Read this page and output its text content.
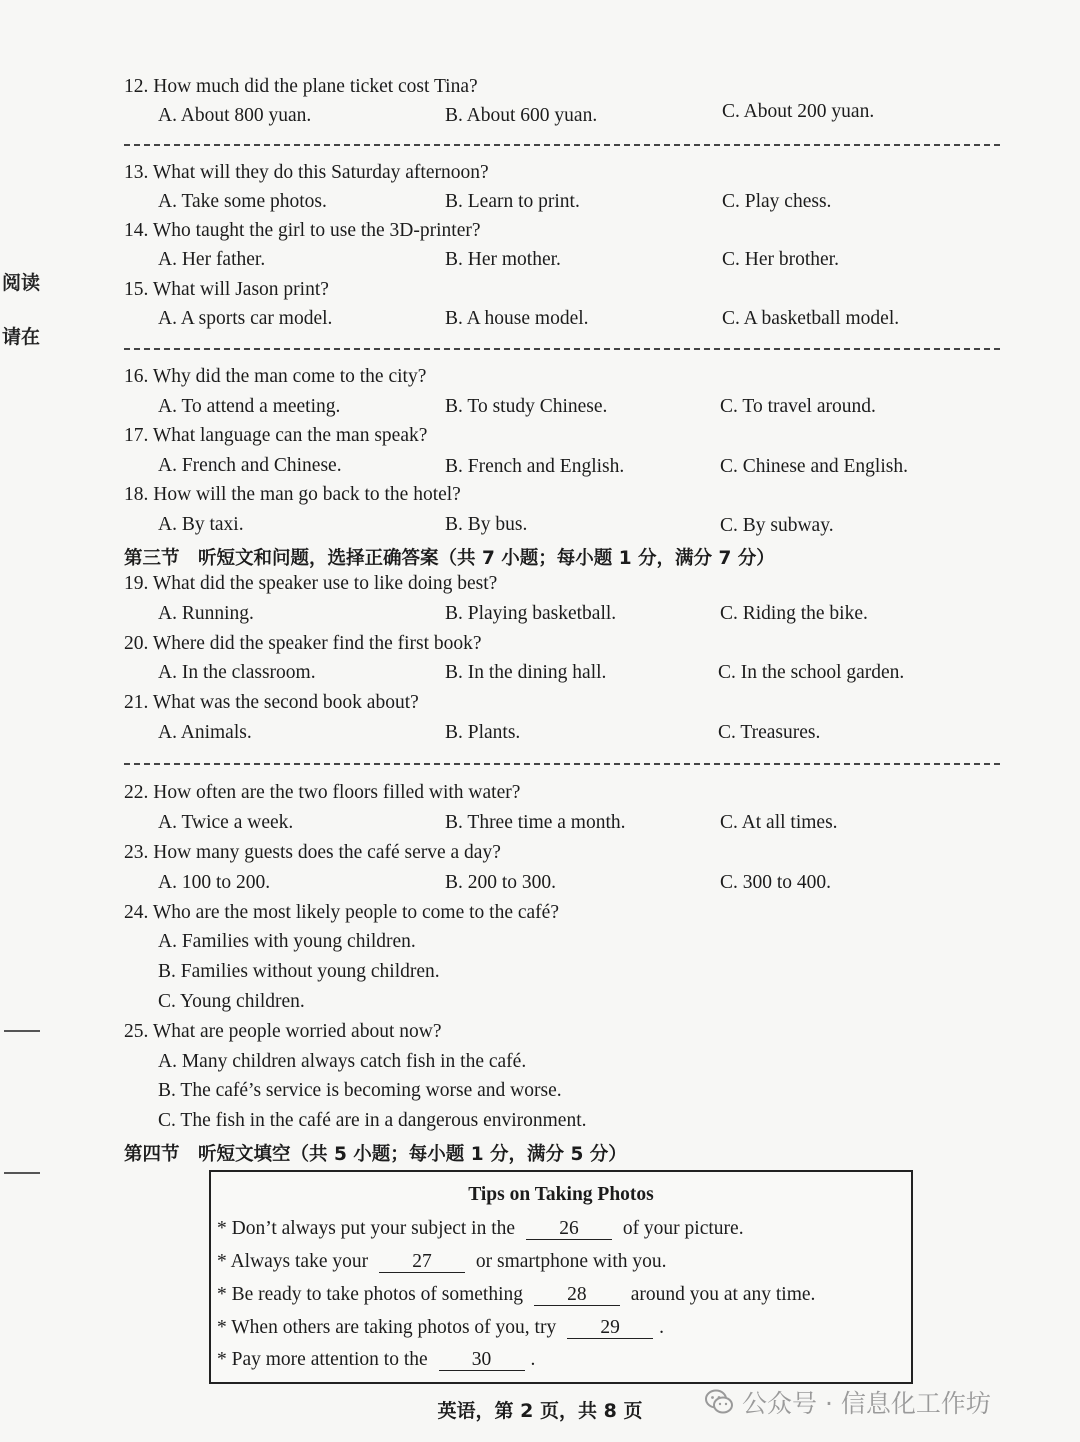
阅读
请在
12. How much did the plane ticket cost Tina?
A. About 800 yuan.	B. About 600 yuan.	C. About 200 yuan.
13. What will they do this Saturday afternoon?
A. Take some photos.	B. Learn to print.	C. Play chess.
14. Who taught the girl to use the 3D-printer?
A. Her father.	B. Her mother.	C. Her brother.
15. What will Jason print?
A. A sports car model.	B. A house model.	C. A basketball model.
16. Why did the man come to the city?
A. To attend a meeting.	B. To study Chinese.	C. To travel around.
17. What language can the man speak?
A. French and Chinese.	B. French and English.	C. Chinese and English.
18. How will the man go back to the hotel?
A. By taxi.	B. By bus.	C. By subway.
第三节　听短文和问题，选择正确答案（共 7 小题；每小题 1 分，满分 7 分）
19. What did the speaker use to like doing best?
A. Running.	B. Playing basketball.	C. Riding the bike.
20. Where did the speaker find the first book?
A. In the classroom.	B. In the dining hall.	C. In the school garden.
21. What was the second book about?
A. Animals.	B. Plants.	C. Treasures.
22. How often are the two floors filled with water?
A. Twice a week.	B. Three time a month.	C. At all times.
23. How many guests does the café serve a day?
A. 100 to 200.	B. 200 to 300.	C. 300 to 400.
24. Who are the most likely people to come to the café?
A. Families with young children.
B. Families without young children.
C. Young children.
25. What are people worried about now?
A. Many children always catch fish in the café.
B. The café’s service is becoming worse and worse.
C. The fish in the café are in a dangerous environment.
第四节　听短文填空（共 5 小题；每小题 1 分，满分 5 分）
Tips on Taking Photos
* Don’t always put your subject in the 26 of your picture.
* Always take your 27 or smartphone with you.
* Be ready to take photos of something 28 around you at any time.
* When others are taking photos of you, try 29 .
* Pay more attention to the 30 .
英语，第 2 页，共 8 页	公众号 · 信息化工作坊
